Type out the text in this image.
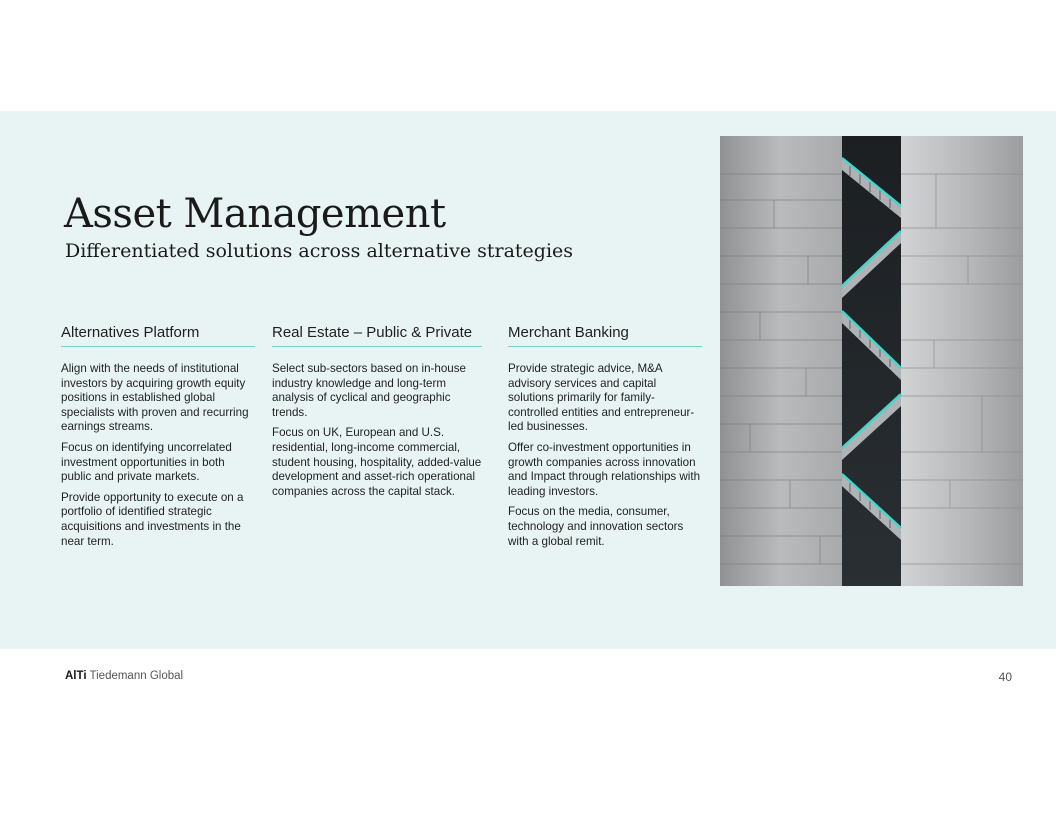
Asset Management
Differentiated solutions across alternative strategies
Alternatives Platform

Align with the needs of institutional investors by acquiring growth equity positions in established global specialists with proven and recurring earnings streams.

Focus on identifying uncorrelated investment opportunities in both public and private markets.

Provide opportunity to execute on a portfolio of identified strategic acquisitions and investments in the near term.

Real Estate – Public & Private

Select sub-sectors based on in-house industry knowledge and long-term analysis of cyclical and geographic trends.

Focus on UK, European and U.S. residential, long-income commercial, student housing, hospitality, added-value development and asset-rich operational companies across the capital stack.

Merchant Banking

Provide strategic advice, M&A advisory services and capital solutions primarily for family-controlled entities and entrepreneur-led businesses.

Offer co-investment opportunities in growth companies across innovation and Impact through relationships with leading investors.

Focus on the media, consumer, technology and innovation sectors with a global remit.

AlTi Tiedemann Global	40
